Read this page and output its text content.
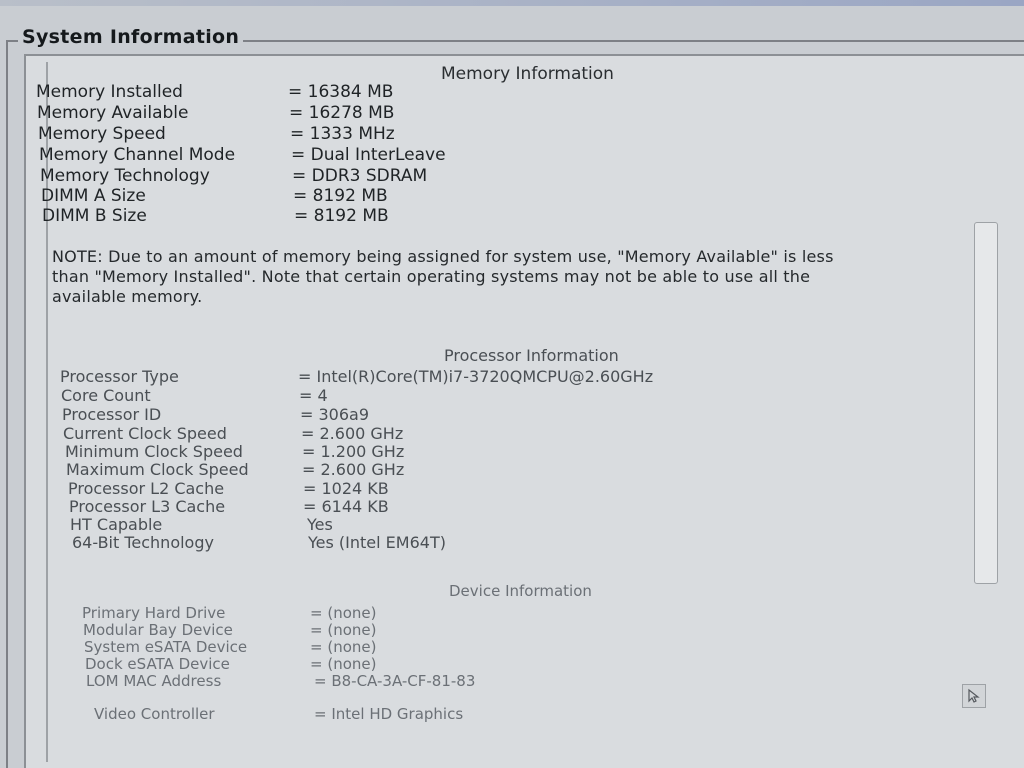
System Information
Memory Information
Memory Installed	= 16384 MB
Memory Available	= 16278 MB
Memory Speed	= 1333 MHz
Memory Channel Mode	= Dual InterLeave
Memory Technology	= DDR3 SDRAM
DIMM A Size	= 8192 MB
DIMM B Size	= 8192 MB
NOTE: Due to an amount of memory being assigned for system use, "Memory Available" is less
than "Memory Installed". Note that certain operating systems may not be able to use all the
available memory.
Processor Information
Processor Type	= Intel(R)Core(TM)i7-3720QMCPU@2.60GHz
Core Count	= 4
Processor ID	= 306a9
Current Clock Speed	= 2.600 GHz
Minimum Clock Speed	= 1.200 GHz
Maximum Clock Speed	= 2.600 GHz
Processor L2 Cache	= 1024 KB
Processor L3 Cache	= 6144 KB
HT Capable	Yes
64-Bit Technology	Yes (Intel EM64T)
Device Information
Primary Hard Drive	= (none)
Modular Bay Device	= (none)
System eSATA Device	= (none)
Dock eSATA Device	= (none)
LOM MAC Address	= B8-CA-3A-CF-81-83
Video Controller	= Intel HD Graphics
